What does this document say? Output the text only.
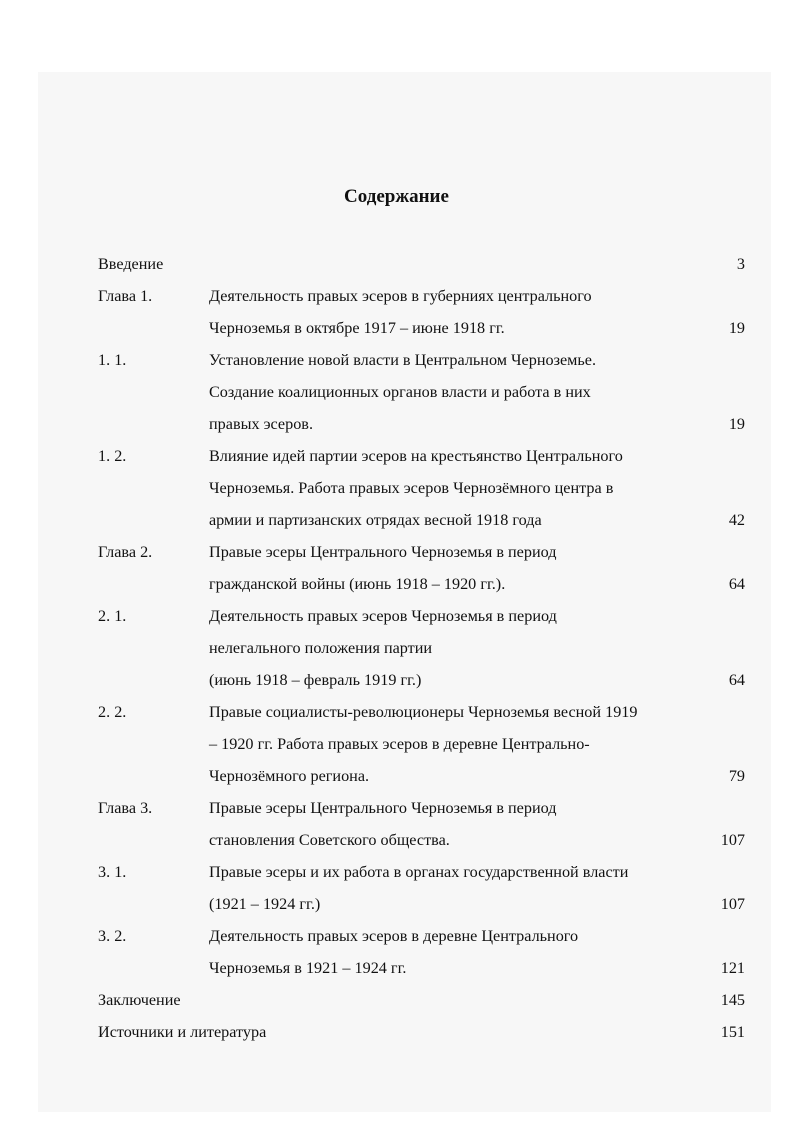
Содержание
Введение	3
Глава 1.	Деятельность правых эсеров в губерниях центрального
Черноземья в октябре 1917 – июне 1918 гг.	19
1. 1.	Установление новой власти в Центральном Черноземье.
Создание коалиционных органов власти и работа в них
правых эсеров.	19
1. 2.	Влияние идей партии эсеров на крестьянство Центрального
Черноземья. Работа правых эсеров Чернозёмного центра в
армии и партизанских отрядах весной 1918 года	42
Глава 2.	Правые эсеры Центрального Черноземья в период
гражданской войны (июнь 1918 – 1920 гг.).	64
2. 1.	Деятельность правых эсеров Черноземья в период
нелегального положения партии
(июнь 1918 – февраль 1919 гг.)	64
2. 2.	Правые социалисты-революционеры Черноземья весной 1919
– 1920 гг. Работа правых эсеров в деревне Центрально-
Чернозёмного региона.	79
Глава 3.	Правые эсеры Центрального Черноземья в период
становления Советского общества.	107
3. 1.	Правые эсеры и их работа в органах государственной власти
(1921 – 1924 гг.)	107
3. 2.	Деятельность правых эсеров в деревне Центрального
Черноземья в 1921 – 1924 гг.	121
Заключение	145
Источники и литература	151
